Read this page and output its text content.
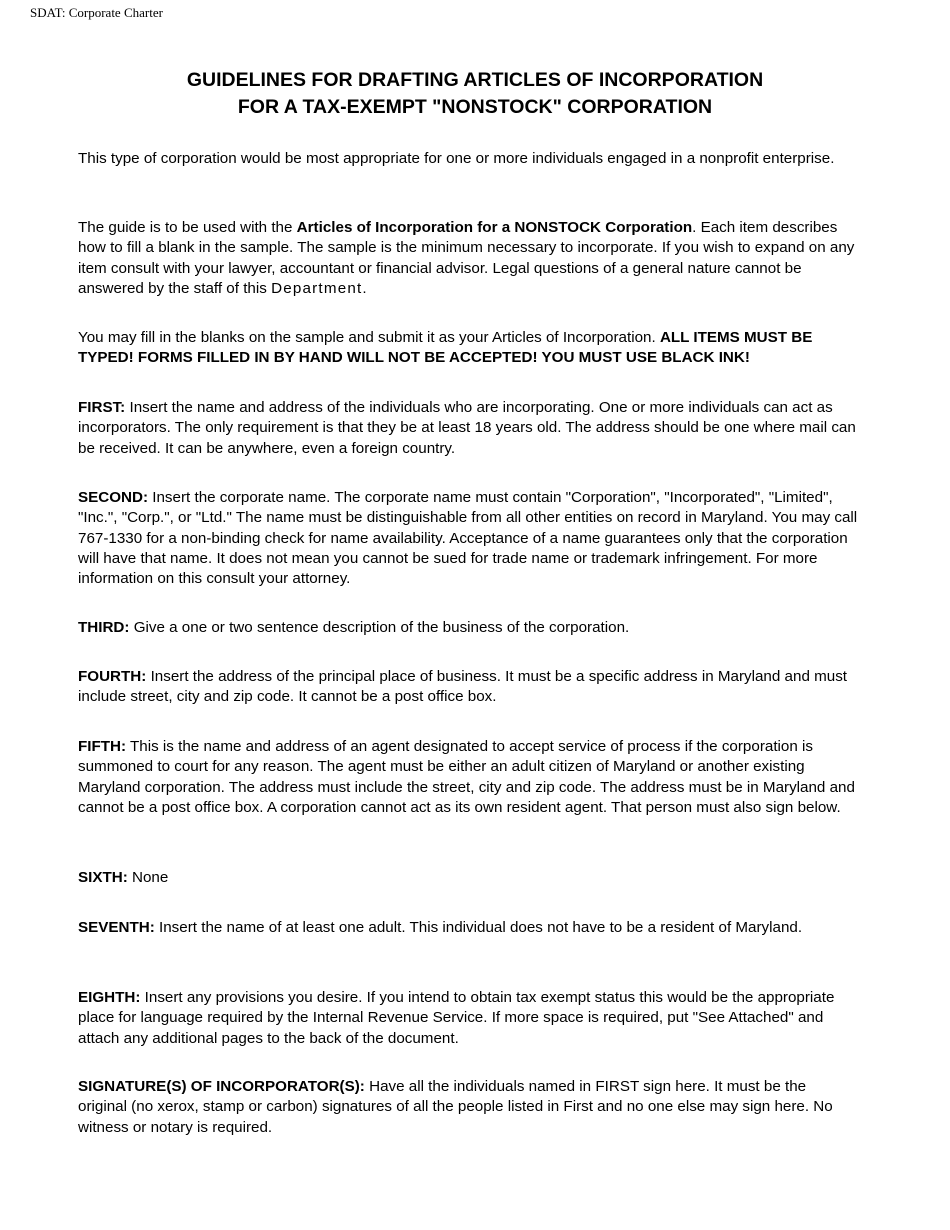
SDAT: Corporate Charter
GUIDELINES FOR DRAFTING ARTICLES OF INCORPORATION
FOR A TAX-EXEMPT "NONSTOCK" CORPORATION

This type of corporation would be most appropriate for one or more individuals engaged in a nonprofit enterprise.

The guide is to be used with the Articles of Incorporation for a NONSTOCK Corporation. Each item describes how to fill a blank in the sample. The sample is the minimum necessary to incorporate. If you wish to expand on any item consult with your lawyer, accountant or financial advisor. Legal questions of a general nature cannot be answered by the staff of this Department.

You may fill in the blanks on the sample and submit it as your Articles of Incorporation. ALL ITEMS MUST BE TYPED! FORMS FILLED IN BY HAND WILL NOT BE ACCEPTED! YOU MUST USE BLACK INK!

FIRST: Insert the name and address of the individuals who are incorporating. One or more individuals can act as incorporators. The only requirement is that they be at least 18 years old. The address should be one where mail can be received. It can be anywhere, even a foreign country.

SECOND: Insert the corporate name. The corporate name must contain "Corporation", "Incorporated", "Limited", "Inc.", "Corp.", or "Ltd." The name must be distinguishable from all other entities on record in Maryland. You may call 767-1330 for a non-binding check for name availability. Acceptance of a name guarantees only that the corporation will have that name. It does not mean you cannot be sued for trade name or trademark infringement. For more information on this consult your attorney.

THIRD: Give a one or two sentence description of the business of the corporation.

FOURTH: Insert the address of the principal place of business. It must be a specific address in Maryland and must include street, city and zip code. It cannot be a post office box.

FIFTH: This is the name and address of an agent designated to accept service of process if the corporation is summoned to court for any reason. The agent must be either an adult citizen of Maryland or another existing Maryland corporation. The address must include the street, city and zip code. The address must be in Maryland and cannot be a post office box. A corporation cannot act as its own resident agent. That person must also sign below.

SIXTH: None

SEVENTH: Insert the name of at least one adult. This individual does not have to be a resident of Maryland.

EIGHTH: Insert any provisions you desire. If you intend to obtain tax exempt status this would be the appropriate place for language required by the Internal Revenue Service. If more space is required, put "See Attached" and attach any additional pages to the back of the document.

SIGNATURE(S) OF INCORPORATOR(S): Have all the individuals named in FIRST sign here. It must be the original (no xerox, stamp or carbon) signatures of all the people listed in First and no one else may sign here. No witness or notary is required.
